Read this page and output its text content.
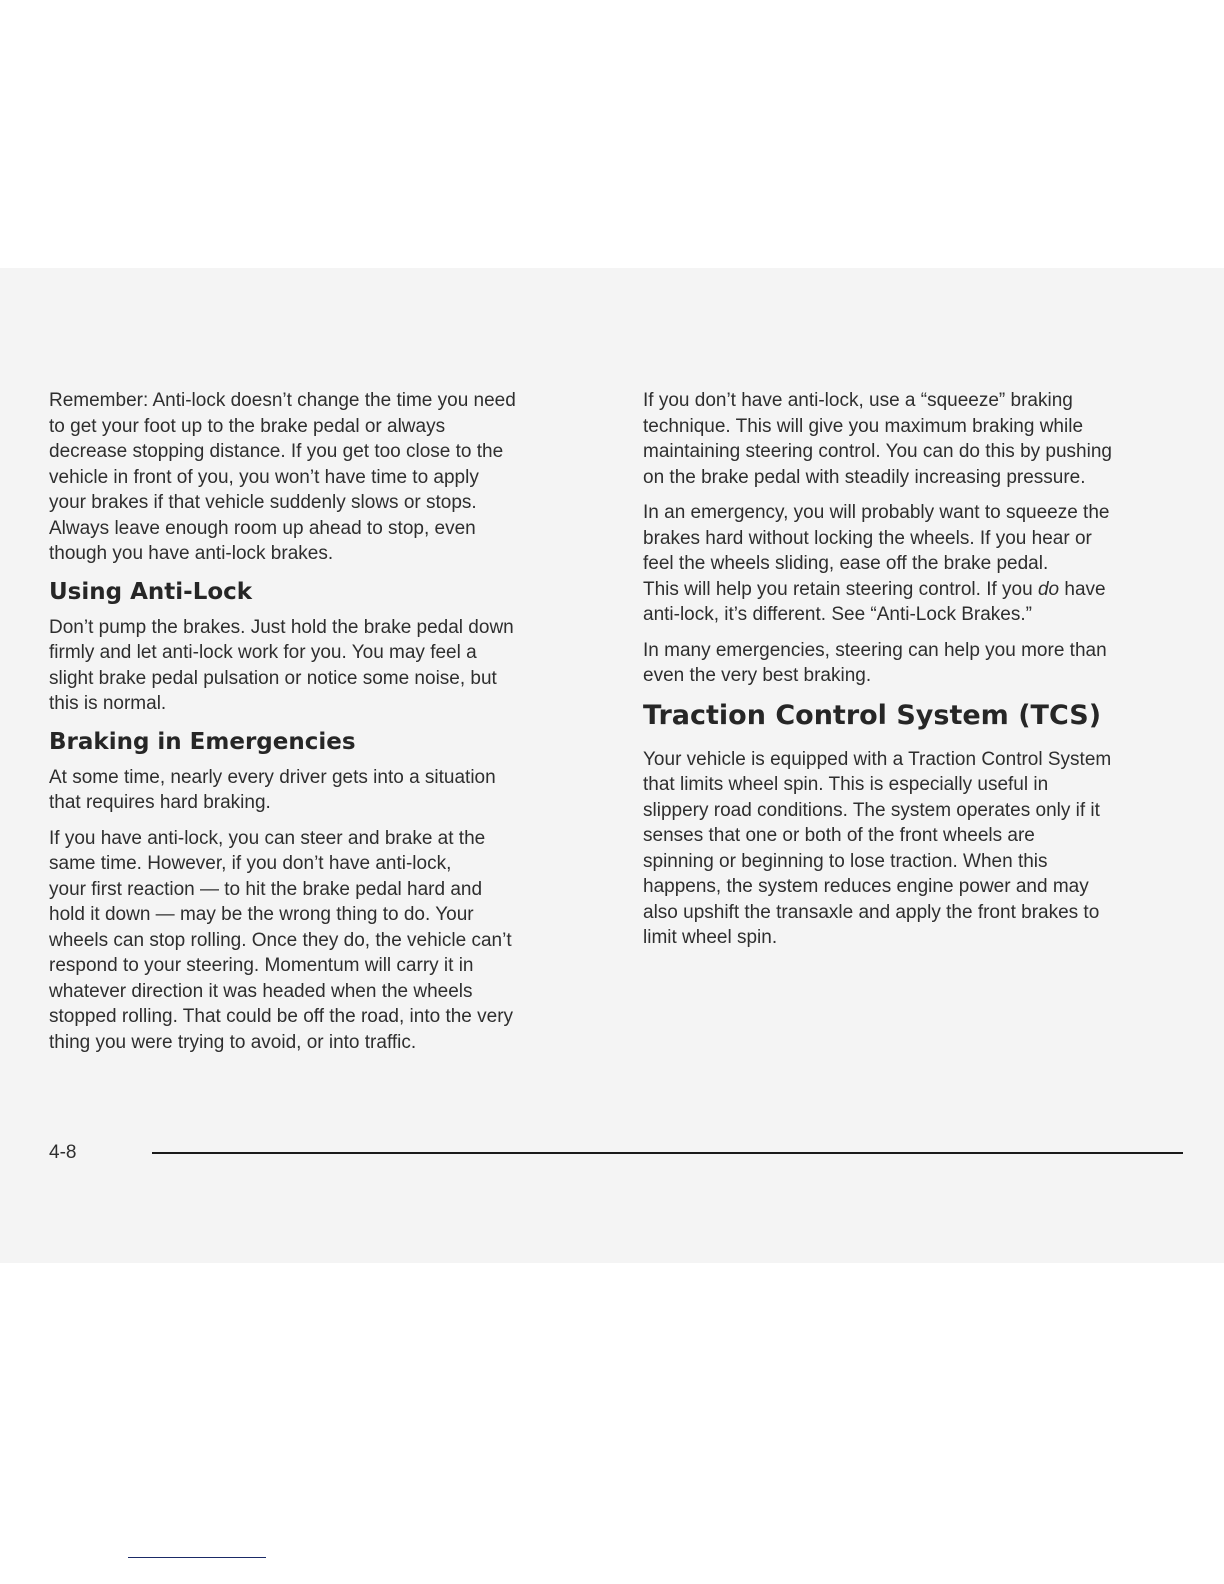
Remember: Anti-lock doesn’t change the time you need
to get your foot up to the brake pedal or always
decrease stopping distance. If you get too close to the
vehicle in front of you, you won’t have time to apply
your brakes if that vehicle suddenly slows or stops.
Always leave enough room up ahead to stop, even
though you have anti-lock brakes.

Using Anti-Lock

Don’t pump the brakes. Just hold the brake pedal down
firmly and let anti-lock work for you. You may feel a
slight brake pedal pulsation or notice some noise, but
this is normal.

Braking in Emergencies

At some time, nearly every driver gets into a situation
that requires hard braking.

If you have anti-lock, you can steer and brake at the
same time. However, if you don’t have anti-lock,
your first reaction — to hit the brake pedal hard and
hold it down — may be the wrong thing to do. Your
wheels can stop rolling. Once they do, the vehicle can’t
respond to your steering. Momentum will carry it in
whatever direction it was headed when the wheels
stopped rolling. That could be off the road, into the very
thing you were trying to avoid, or into traffic.

If you don’t have anti-lock, use a “squeeze” braking
technique. This will give you maximum braking while
maintaining steering control. You can do this by pushing
on the brake pedal with steadily increasing pressure.

In an emergency, you will probably want to squeeze the
brakes hard without locking the wheels. If you hear or
feel the wheels sliding, ease off the brake pedal.
This will help you retain steering control. If you do have
anti-lock, it’s different. See “Anti-Lock Brakes.”

In many emergencies, steering can help you more than
even the very best braking.

Traction Control System (TCS)

Your vehicle is equipped with a Traction Control System
that limits wheel spin. This is especially useful in
slippery road conditions. The system operates only if it
senses that one or both of the front wheels are
spinning or beginning to lose traction. When this
happens, the system reduces engine power and may
also upshift the transaxle and apply the front brakes to
limit wheel spin.

4-8
